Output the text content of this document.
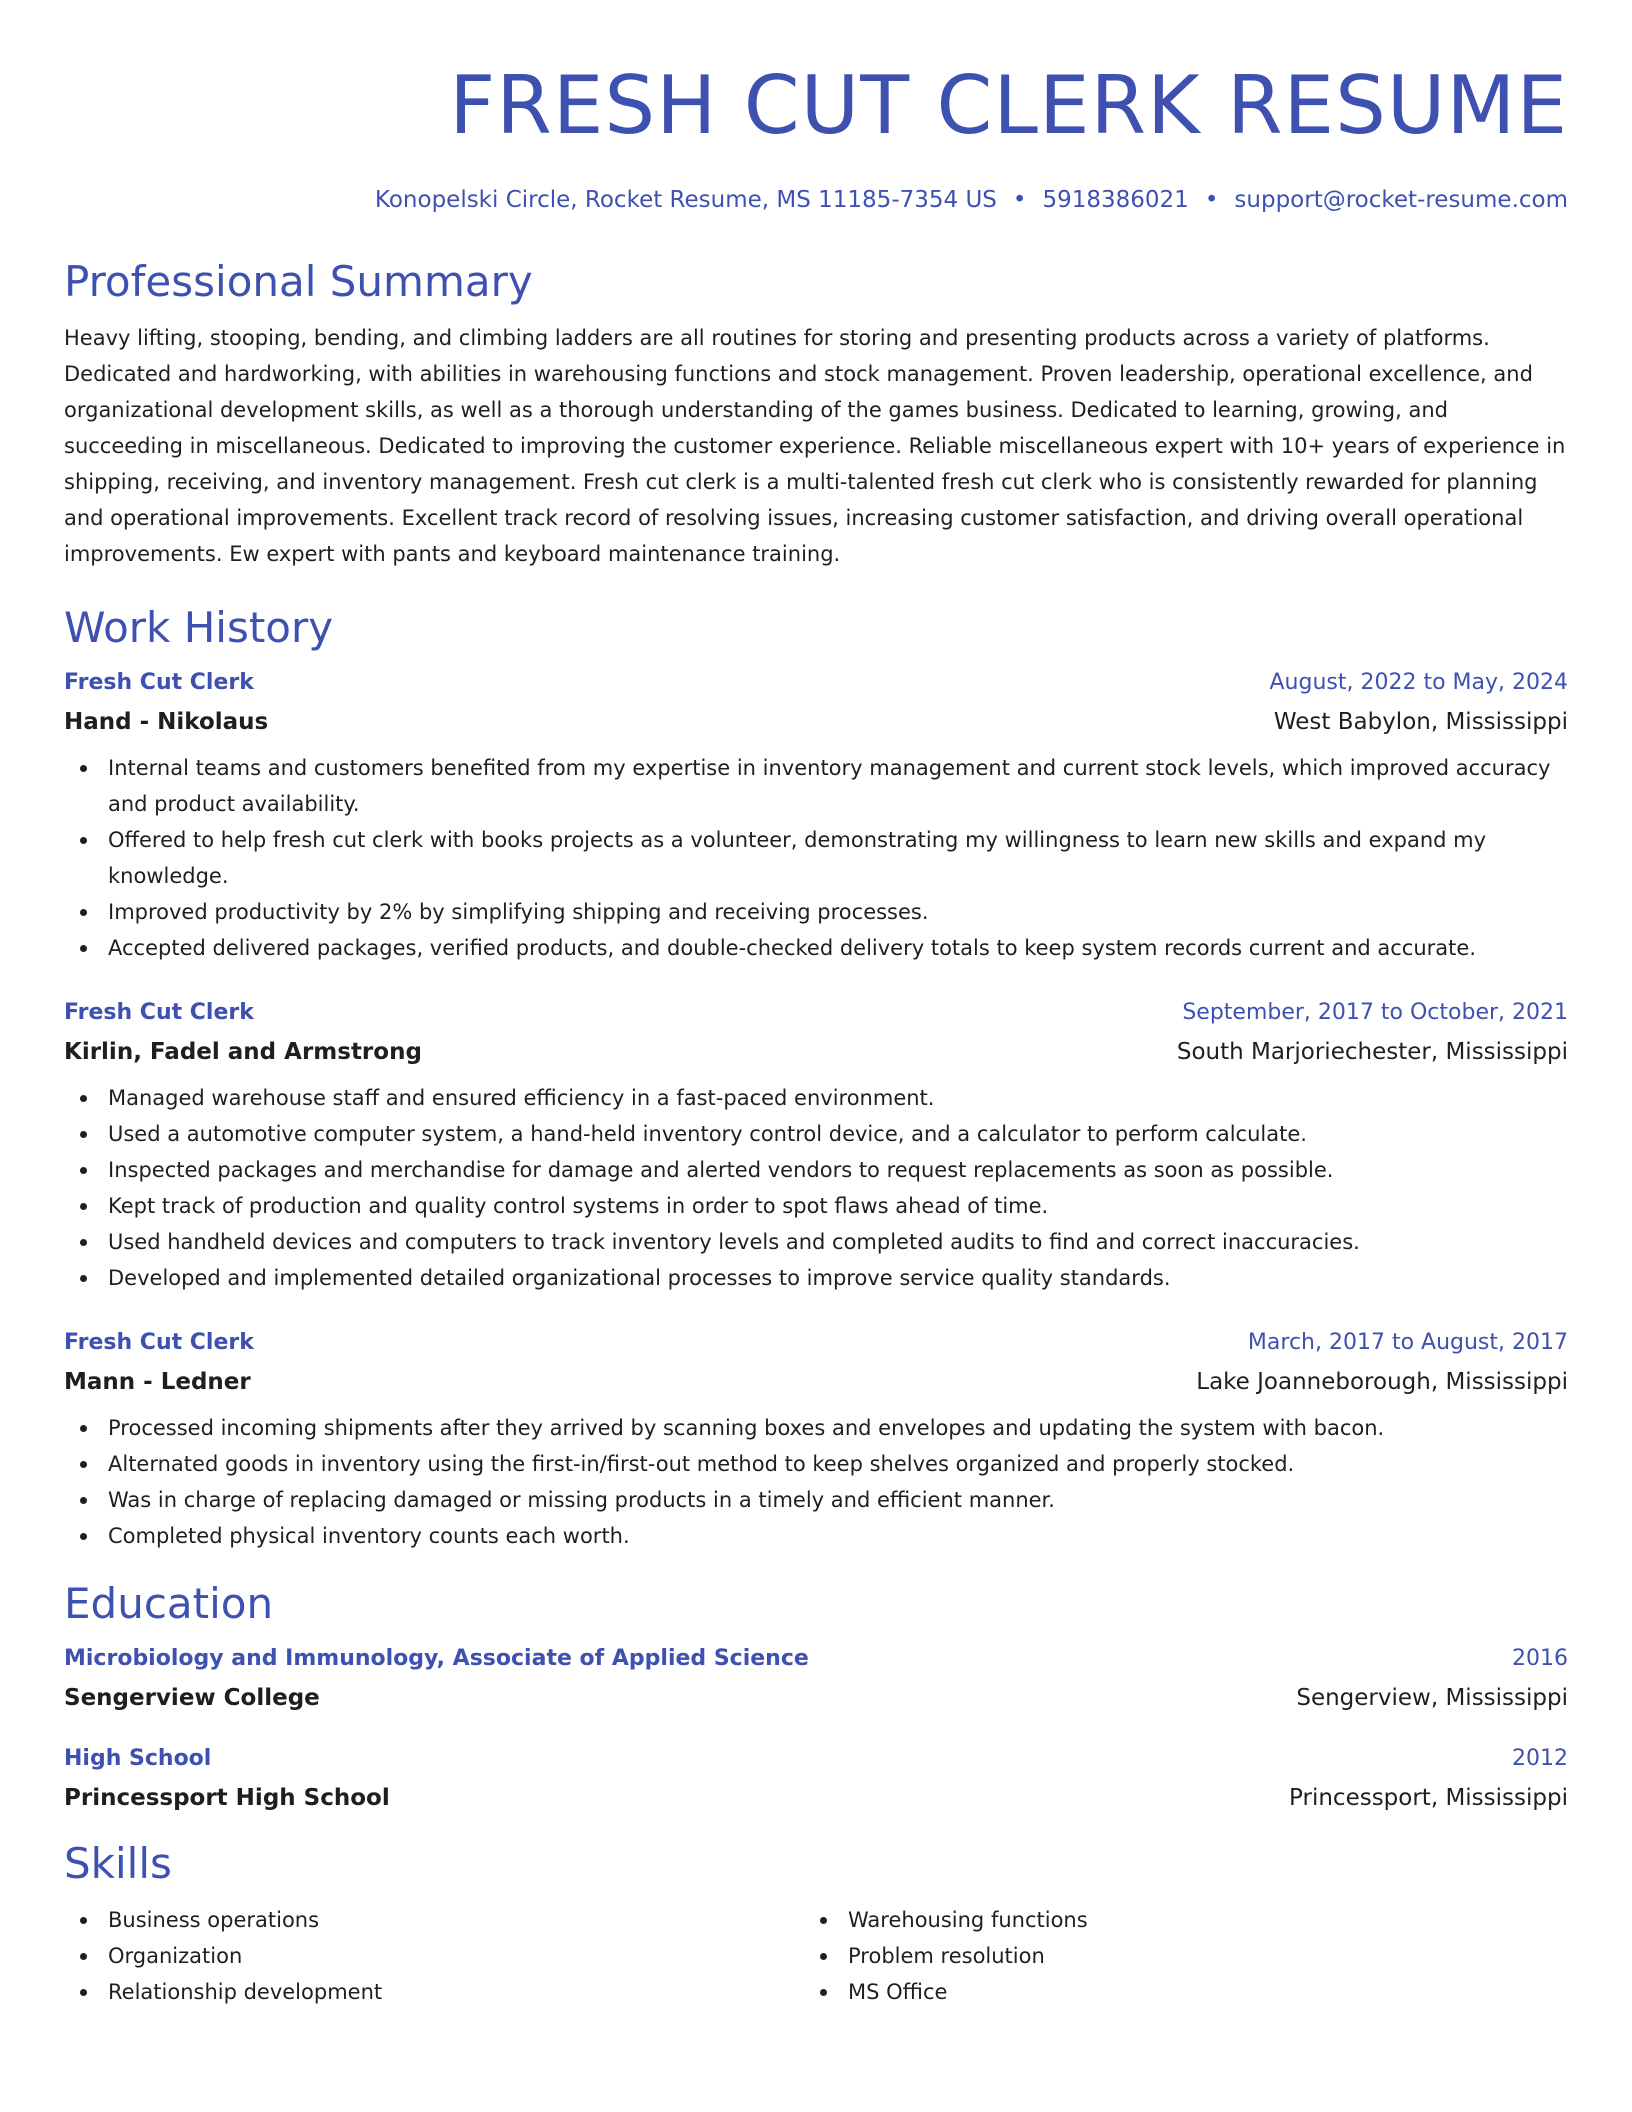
FRESH CUT CLERK RESUME
Konopelski Circle, Rocket Resume, MS 11185-7354 US • 5918386021 • support@rocket-resume.com
Professional Summary

Heavy lifting, stooping, bending, and climbing ladders are all routines for storing and presenting products across a variety of platforms. Dedicated and hardworking, with abilities in warehousing functions and stock management. Proven leadership, operational excellence, and organizational development skills, as well as a thorough understanding of the games business. Dedicated to learning, growing, and succeeding in miscellaneous. Dedicated to improving the customer experience. Reliable miscellaneous expert with 10+ years of experience in shipping, receiving, and inventory management. Fresh cut clerk is a multi-talented fresh cut clerk who is consistently rewarded for planning and operational improvements. Excellent track record of resolving issues, increasing customer satisfaction, and driving overall operational improvements. Ew expert with pants and keyboard maintenance training.

Work History
Fresh Cut Clerk	August, 2022 to May, 2024
Hand - Nikolaus	West Babylon, Mississippi
Internal teams and customers benefited from my expertise in inventory management and current stock levels, which improved accuracy and product availability.
Offered to help fresh cut clerk with books projects as a volunteer, demonstrating my willingness to learn new skills and expand my knowledge.
Improved productivity by 2% by simplifying shipping and receiving processes.
Accepted delivered packages, verified products, and double-checked delivery totals to keep system records current and accurate.
Fresh Cut Clerk	September, 2017 to October, 2021
Kirlin, Fadel and Armstrong	South Marjoriechester, Mississippi
Managed warehouse staff and ensured efficiency in a fast-paced environment.
Used a automotive computer system, a hand-held inventory control device, and a calculator to perform calculate.
Inspected packages and merchandise for damage and alerted vendors to request replacements as soon as possible.
Kept track of production and quality control systems in order to spot flaws ahead of time.
Used handheld devices and computers to track inventory levels and completed audits to find and correct inaccuracies.
Developed and implemented detailed organizational processes to improve service quality standards.
Fresh Cut Clerk	March, 2017 to August, 2017
Mann - Ledner	Lake Joanneborough, Mississippi
Processed incoming shipments after they arrived by scanning boxes and envelopes and updating the system with bacon.
Alternated goods in inventory using the first-in/first-out method to keep shelves organized and properly stocked.
Was in charge of replacing damaged or missing products in a timely and efficient manner.
Completed physical inventory counts each worth.
Education
Microbiology and Immunology, Associate of Applied Science	2016
Sengerview College	Sengerview, Mississippi
High School	2012
Princessport High School	Princessport, Mississippi
Skills
Business operations
Organization
Relationship development
Warehousing functions
Problem resolution
MS Office
